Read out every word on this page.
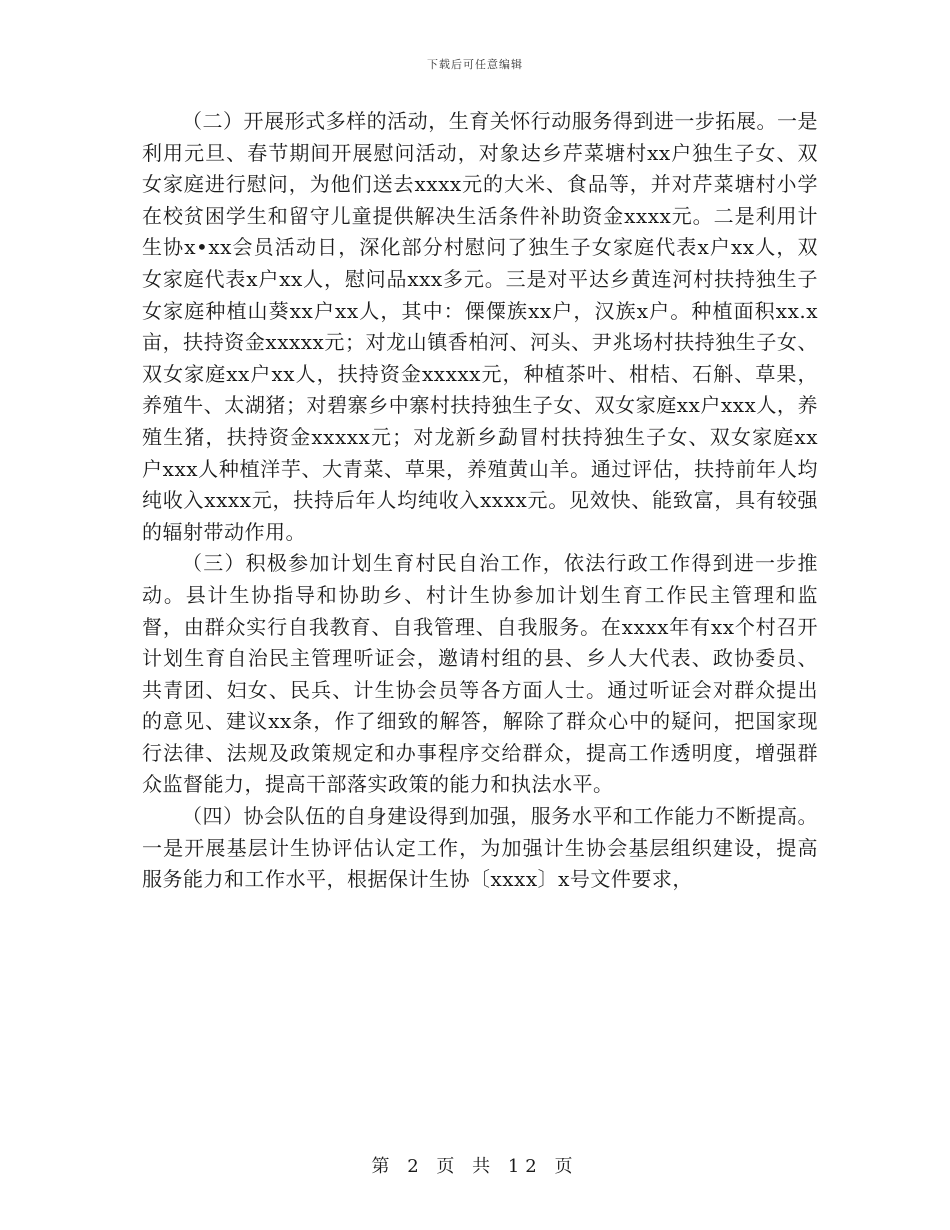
下载后可任意编辑

（二）开展形式多样的活动，生育关怀行动服务得到进一步拓展。一是利用元旦、春节期间开展慰问活动，对象达乡芹菜塘村xx户独生子女、双女家庭进行慰问，为他们送去xxxx元的大米、食品等，并对芹菜塘村小学在校贫困学生和留守儿童提供解决生活条件补助资金xxxx元。二是利用计生协x•xx会员活动日，深化部分村慰问了独生子女家庭代表x户xx人，双女家庭代表x户xx人，慰问品xxx多元。三是对平达乡黄连河村扶持独生子女家庭种植山葵xx户xx人，其中：傈僳族xx户，汉族x户。种植面积xx.x亩，扶持资金xxxxx元；对龙山镇香柏河、河头、尹兆场村扶持独生子女、双女家庭xx户xx人，扶持资金xxxxx元，种植茶叶、柑桔、石斛、草果，养殖牛、太湖猪；对碧寨乡中寨村扶持独生子女、双女家庭xx户xxx人，养殖生猪，扶持资金xxxxx元；对龙新乡勐冒村扶持独生子女、双女家庭xx户xxx人种植洋芋、大青菜、草果，养殖黄山羊。通过评估，扶持前年人均纯收入xxxx元，扶持后年人均纯收入xxxx元。见效快、能致富，具有较强的辐射带动作用。

（三）积极参加计划生育村民自治工作，依法行政工作得到进一步推动。县计生协指导和协助乡、村计生协参加计划生育工作民主管理和监督，由群众实行自我教育、自我管理、自我服务。在xxxx年有xx个村召开计划生育自治民主管理听证会，邀请村组的县、乡人大代表、政协委员、共青团、妇女、民兵、计生协会员等各方面人士。通过听证会对群众提出的意见、建议xx条，作了细致的解答，解除了群众心中的疑问，把国家现行法律、法规及政策规定和办事程序交给群众，提高工作透明度，增强群众监督能力，提高干部落实政策的能力和执法水平。

（四）协会队伍的自身建设得到加强，服务水平和工作能力不断提高。一是开展基层计生协评估认定工作，为加强计生协会基层组织建设，提高服务能力和工作水平，根据保计生协〔xxxx〕x号文件要求，

第 2 页 共 12 页
